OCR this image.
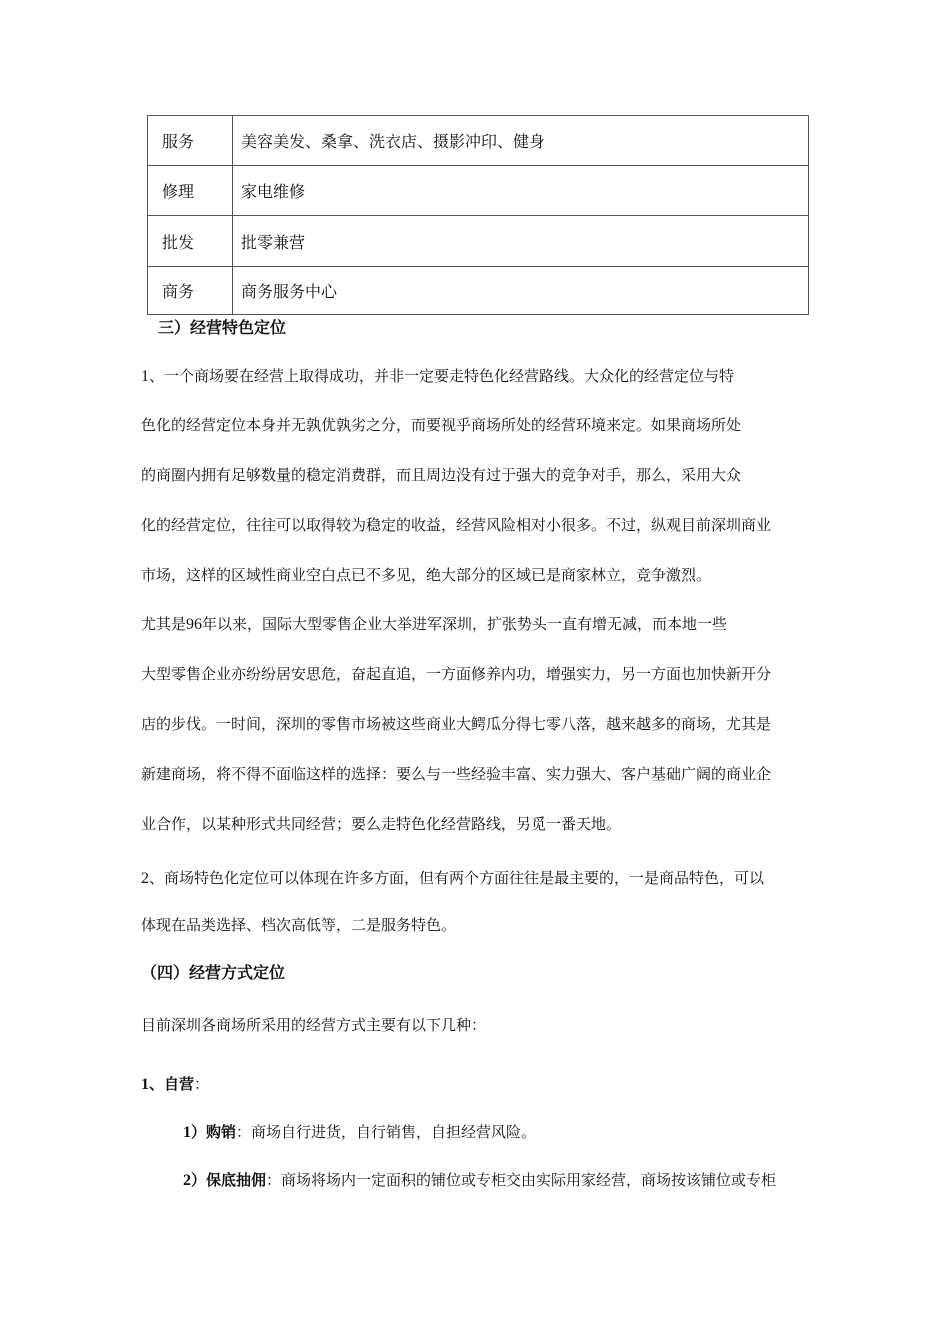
服务	美容美发、桑拿、洗衣店、摄影冲印、健身
修理	家电维修
批发	批零兼营
商务	商务服务中心
三）经营特色定位
1、一个商场要在经营上取得成功，并非一定要走特色化经营路线。大众化的经营定位与特
色化的经营定位本身并无孰优孰劣之分，而要视乎商场所处的经营环境来定。如果商场所处
的商圈内拥有足够数量的稳定消费群，而且周边没有过于强大的竞争对手，那么，采用大众
化的经营定位，往往可以取得较为稳定的收益，经营风险相对小很多。不过，纵观目前深圳商业
市场，这样的区域性商业空白点已不多见，绝大部分的区域已是商家林立，竞争激烈。
尤其是96年以来，国际大型零售企业大举进军深圳，扩张势头一直有增无减，而本地一些
大型零售企业亦纷纷居安思危，奋起直追，一方面修养内功，增强实力，另一方面也加快新开分
店的步伐。一时间，深圳的零售市场被这些商业大鳄瓜分得七零八落，越来越多的商场，尤其是
新建商场，将不得不面临这样的选择：要么与一些经验丰富、实力强大、客户基础广阔的商业企
业合作，以某种形式共同经营；要么走特色化经营路线，另觅一番天地。
2、商场特色化定位可以体现在许多方面，但有两个方面往往是最主要的，一是商品特色，可以
体现在品类选择、档次高低等，二是服务特色。
（四）经营方式定位
目前深圳各商场所采用的经营方式主要有以下几种：
1、自营：
1）购销：商场自行进货，自行销售，自担经营风险。
2）保底抽佣：商场将场内一定面积的铺位或专柜交由实际用家经营，商场按该铺位或专柜
